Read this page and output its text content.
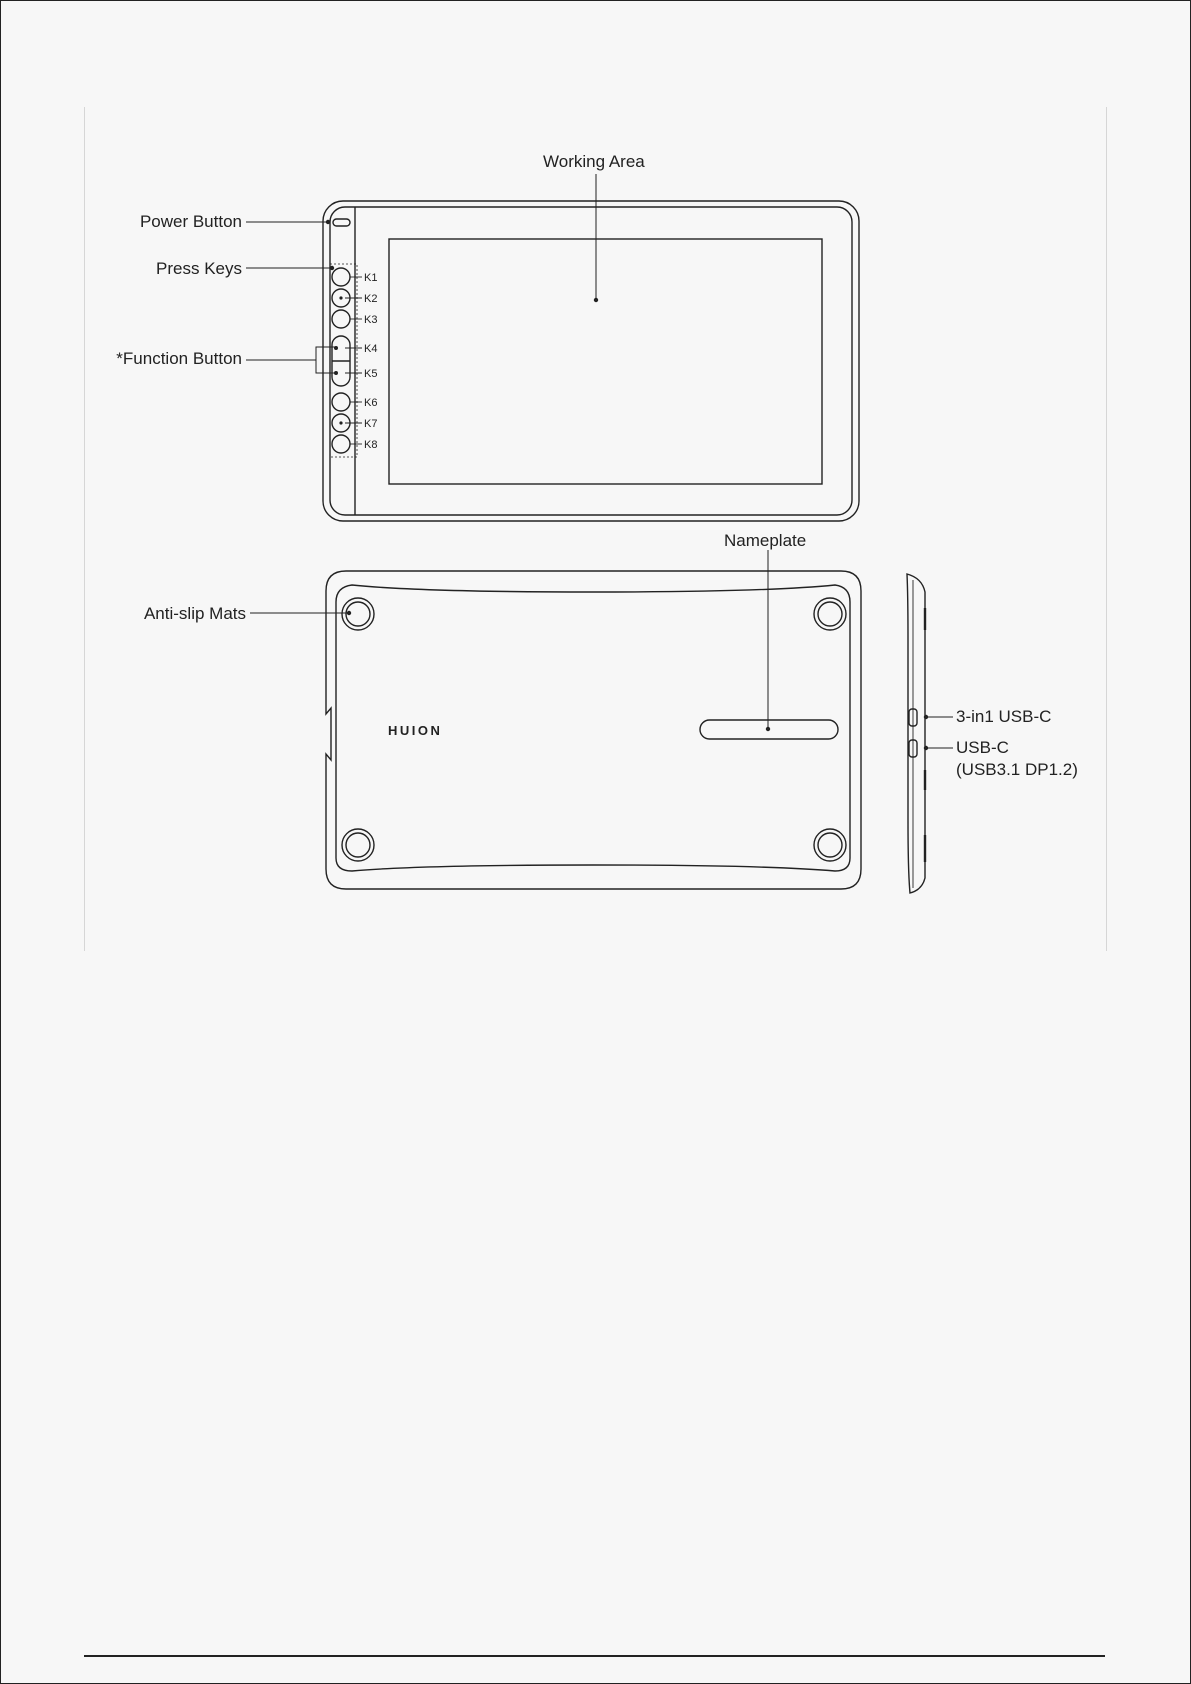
Working Area
Power Button
Press Keys
*Function Button
K1
K2
K3
K4
K5
K6
K7
K8
Nameplate
Anti-slip Mats
HUION
3-in1 USB-C
USB-C
(USB3.1 DP1.2)
